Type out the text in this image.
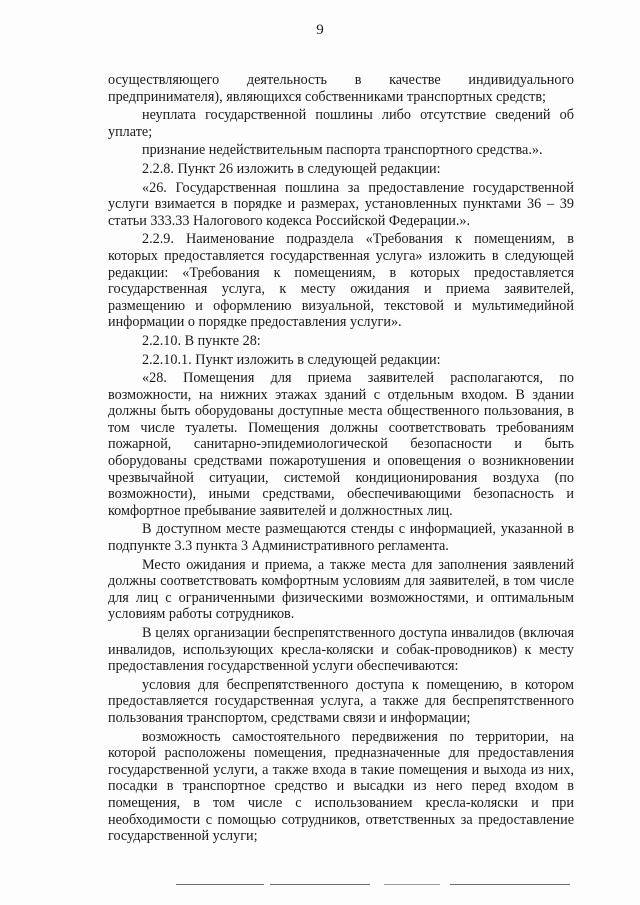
9

осуществляющего деятельность в качестве индивидуального предпринимателя), являющихся собственниками транспортных средств;

неуплата государственной пошлины либо отсутствие сведений об уплате;

признание недействительным паспорта транспортного средства.».

2.2.8. Пункт 26 изложить в следующей редакции:

«26. Государственная пошлина за предоставление государственной услуги взимается в порядке и размерах, установленных пунктами 36 – 39 статьи 333.33 Налогового кодекса Российской Федерации.».

2.2.9. Наименование подраздела «Требования к помещениям, в которых предоставляется государственная услуга» изложить в следующей редакции: «Требования к помещениям, в которых предоставляется государственная услуга, к месту ожидания и приема заявителей, размещению и оформлению визуальной, текстовой и мультимедийной информации о порядке предоставления услуги».

2.2.10. В пункте 28:

2.2.10.1. Пункт изложить в следующей редакции:

«28. Помещения для приема заявителей располагаются, по возможности, на нижних этажах зданий с отдельным входом. В здании должны быть оборудованы доступные места общественного пользования, в том числе туалеты. Помещения должны соответствовать требованиям пожарной, санитарно-эпидемиологической безопасности и быть оборудованы средствами пожаротушения и оповещения о возникновении чрезвычайной ситуации, системой кондиционирования воздуха (по возможности), иными средствами, обеспечивающими безопасность и комфортное пребывание заявителей и должностных лиц.

В доступном месте размещаются стенды с информацией, указанной в подпункте 3.3 пункта 3 Административного регламента.

Место ожидания и приема, а также места для заполнения заявлений должны соответствовать комфортным условиям для заявителей, в том числе для лиц с ограниченными физическими возможностями, и оптимальным условиям работы сотрудников.

В целях организации беспрепятственного доступа инвалидов (включая инвалидов, использующих кресла-коляски и собак-проводников) к месту предоставления государственной услуги обеспечиваются:

условия для беспрепятственного доступа к помещению, в котором предоставляется государственная услуга, а также для беспрепятственного пользования транспортом, средствами связи и информации;

возможность самостоятельного передвижения по территории, на которой расположены помещения, предназначенные для предоставления государственной услуги, а также входа в такие помещения и выхода из них, посадки в транспортное средство и высадки из него перед входом в помещения, в том числе с использованием кресла-коляски и при необходимости с помощью сотрудников, ответственных за предоставление государственной услуги;
